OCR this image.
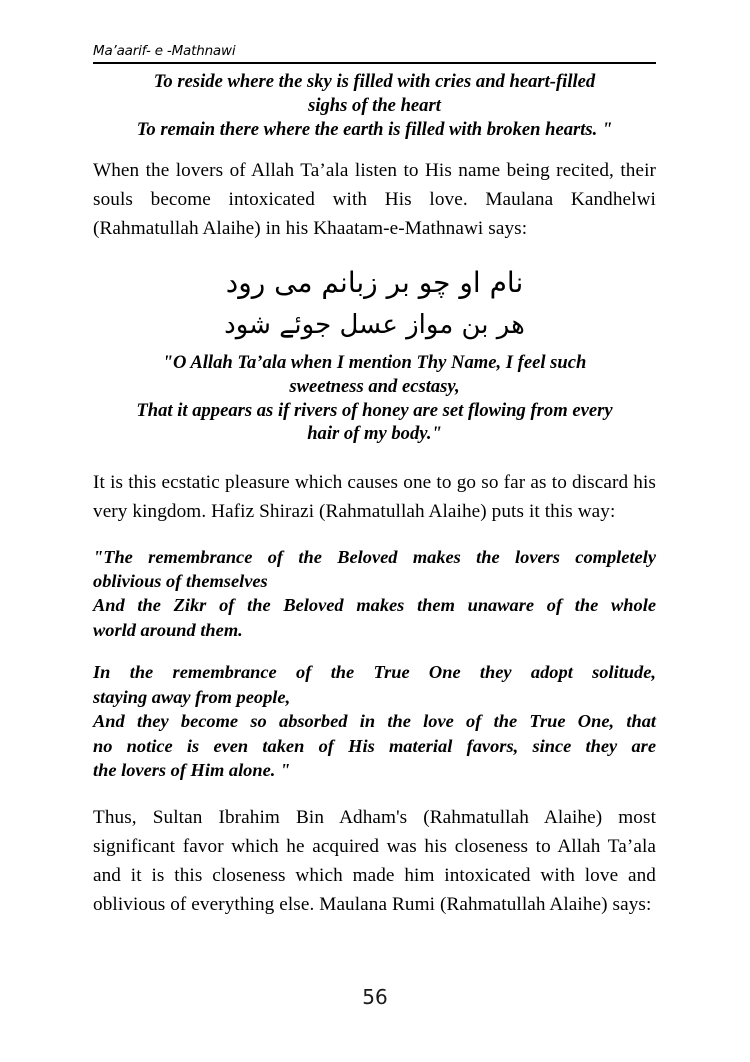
Ma’aarif- e -Mathnawi
To reside where the sky is filled with cries and heart-filled
sighs of the heart
To remain there where the earth is filled with broken hearts. "

When the lovers of Allah Ta’ala listen to His name being recited, their souls become intoxicated with His love. Maulana Kandhelwi (Rahmatullah Alaihe) in his Khaatam-e-Mathnawi says:

نام او چو بر زبانم می رود
هر بن مواز عسل جوئے شود
"O Allah Ta’ala when I mention Thy Name, I feel such
sweetness and ecstasy,
That it appears as if rivers of honey are set flowing from every
hair of my body."

It is this ecstatic pleasure which causes one to go so far as to discard his very kingdom. Hafiz Shirazi (Rahmatullah Alaihe) puts it this way:

"The remembrance of the Beloved makes the lovers completely
oblivious of themselves
And the Zikr of the Beloved makes them unaware of the whole
world around them.
In the remembrance of the True One they adopt solitude,
staying away from people,
And they become so absorbed in the love of the True One, that
no notice is even taken of His material favors, since they are
the lovers of Him alone. "

Thus, Sultan Ibrahim Bin Adham's (Rahmatullah Alaihe) most significant favor which he acquired was his closeness to Allah Ta’ala and it is this closeness which made him intoxicated with love and oblivious of everything else. Maulana Rumi (Rahmatullah Alaihe) says:

56
